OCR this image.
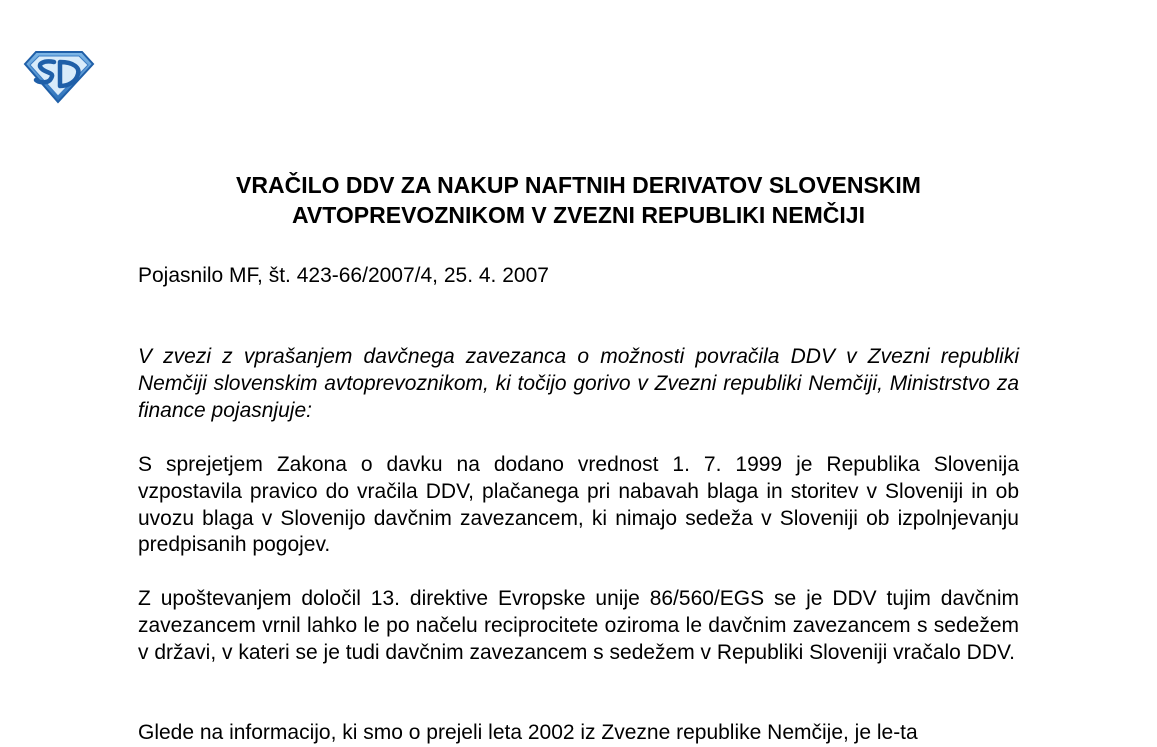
VRAČILO DDV ZA NAKUP NAFTNIH DERIVATOV SLOVENSKIM
AVTOPREVOZNIKOM V ZVEZNI REPUBLIKI NEMČIJI
Pojasnilo MF, št. 423-66/2007/4, 25. 4. 2007

V zvezi z vprašanjem davčnega zavezanca o možnosti povračila DDV v Zvezni republiki Nemčiji slovenskim avtoprevoznikom, ki točijo gorivo v Zvezni republiki Nemčiji, Ministrstvo za finance pojasnjuje:

S sprejetjem Zakona o davku na dodano vrednost 1. 7. 1999 je Republika Slovenija vzpostavila pravico do vračila DDV, plačanega pri nabavah blaga in storitev v Sloveniji in ob uvozu blaga v Slovenijo davčnim zavezancem, ki nimajo sedeža v Sloveniji ob izpolnjevanju predpisanih pogojev.

Z upoštevanjem določil 13. direktive Evropske unije 86/560/EGS se je DDV tujim davčnim zavezancem vrnil lahko le po načelu reciprocitete oziroma le davčnim zavezancem s sedežem v državi, v kateri se je tudi davčnim zavezancem s sedežem v Republiki Sloveniji vračalo DDV.

Glede na informacijo, ki smo o prejeli leta 2002 iz Zvezne republike Nemčije, je le-ta
